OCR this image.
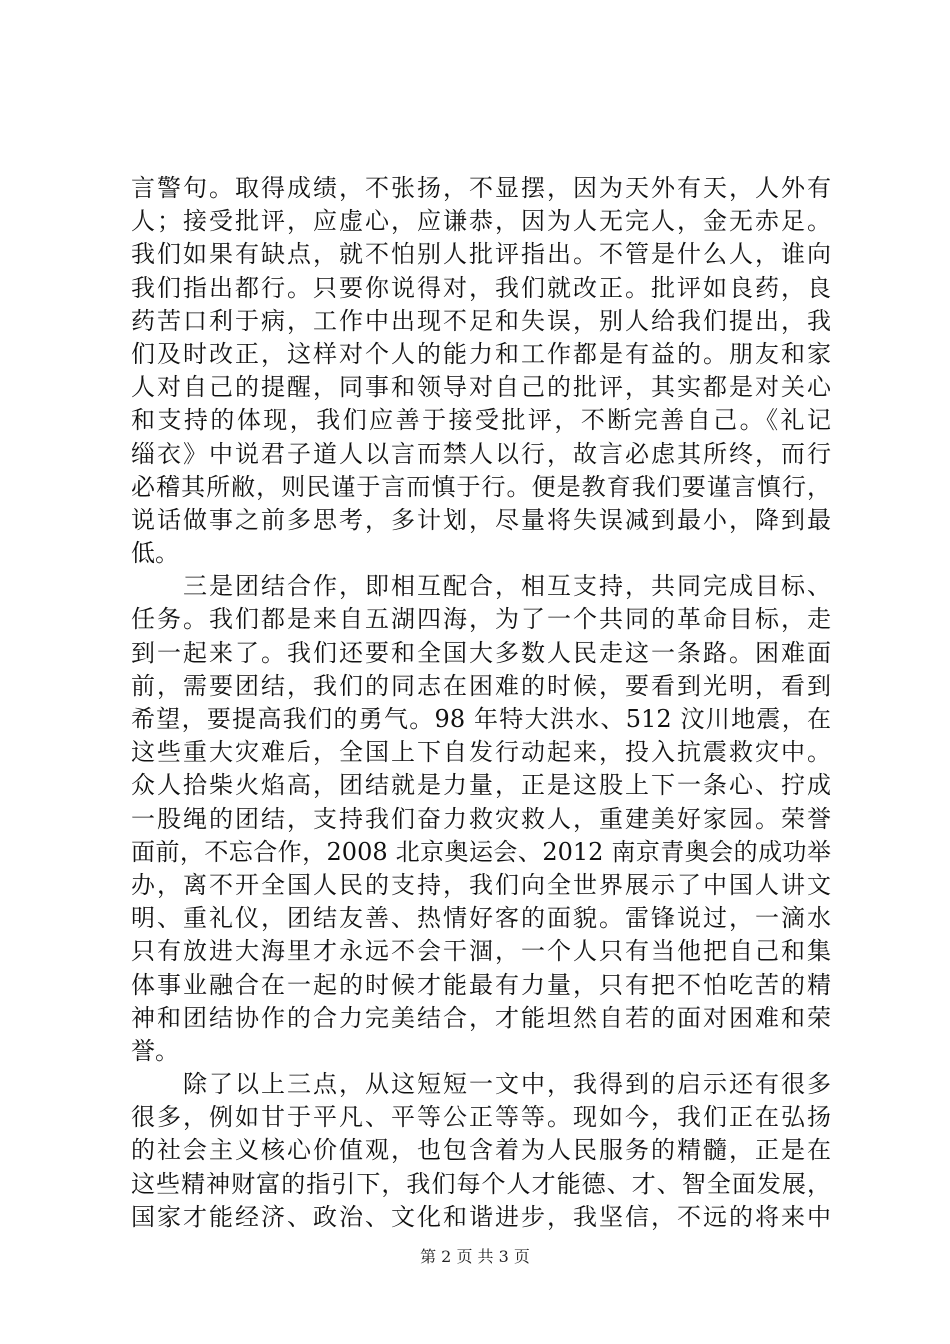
言警句。取得成绩，不张扬，不显摆，因为天外有天，人外有
人；接受批评，应虚心，应谦恭，因为人无完人，金无赤足。
我们如果有缺点，就不怕别人批评指出。不管是什么人，谁向
我们指出都行。只要你说得对，我们就改正。批评如良药，良
药苦口利于病，工作中出现不足和失误，别人给我们提出，我
们及时改正，这样对个人的能力和工作都是有益的。朋友和家
人对自己的提醒，同事和领导对自己的批评，其实都是对关心
和支持的体现，我们应善于接受批评，不断完善自己。《礼记
缁衣》中说君子道人以言而禁人以行，故言必虑其所终，而行
必稽其所敝，则民谨于言而慎于行。便是教育我们要谨言慎行，
说话做事之前多思考，多计划，尽量将失误减到最小，降到最
低。
　　三是团结合作，即相互配合，相互支持，共同完成目标、
任务。我们都是来自五湖四海，为了一个共同的革命目标，走
到一起来了。我们还要和全国大多数人民走这一条路。困难面
前，需要团结，我们的同志在困难的时候，要看到光明，看到
希望，要提高我们的勇气。98 年特大洪水、512 汶川地震，在
这些重大灾难后，全国上下自发行动起来，投入抗震救灾中。
众人拾柴火焰高，团结就是力量，正是这股上下一条心、拧成
一股绳的团结，支持我们奋力救灾救人，重建美好家园。荣誉
面前，不忘合作，2008 北京奥运会、2012 南京青奥会的成功举
办，离不开全国人民的支持，我们向全世界展示了中国人讲文
明、重礼仪，团结友善、热情好客的面貌。雷锋说过，一滴水
只有放进大海里才永远不会干涸，一个人只有当他把自己和集
体事业融合在一起的时候才能最有力量，只有把不怕吃苦的精
神和团结协作的合力完美结合，才能坦然自若的面对困难和荣
誉。
　　除了以上三点，从这短短一文中，我得到的启示还有很多
很多，例如甘于平凡、平等公正等等。现如今，我们正在弘扬
的社会主义核心价值观，也包含着为人民服务的精髓，正是在
这些精神财富的指引下，我们每个人才能德、才、智全面发展，
国家才能经济、政治、文化和谐进步，我坚信，不远的将来中
第 2 页 共 3 页
